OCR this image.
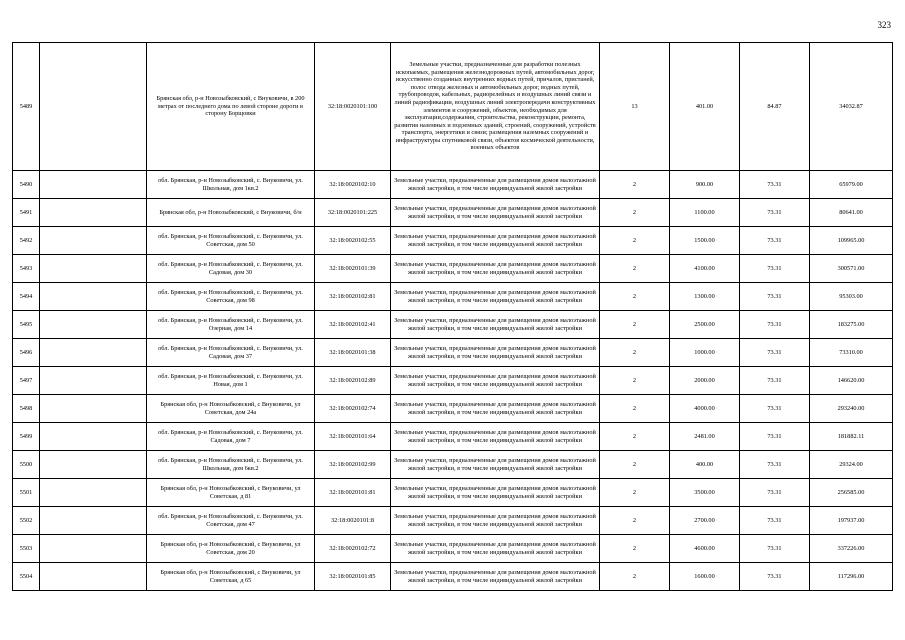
323
5489		Брянская обл, р-н Новозыбковский, с Внуковичи, в 200 метрах от последнего дома по левой стороне дороги в сторону Борщовки	32:18:0020101:100	Земельные участки, предназначенные для разработки полезных ископаемых, размещения железнодорожных путей, автомобильных дорог, искусственно созданных внутренних водных путей, причалов, пристаней, полос отвода железных и автомобильных дорог, водных путей, трубопроводов, кабельных, радиорелейных и воздушных линий связи и линий радиофикации, воздушных линий электропередачи конструктивных элементов и сооружений, объектов, необходимых для эксплуатации,содержания, строительства, реконструкции, ремонта, развития наземных и подземных зданий, строений, сооружений, устройств транспорта, энергетики и связи; размещения наземных сооружений и инфраструктуры спутниковой связи, объектов космической деятельности, военных объектов	13	401.00	84.87	34032.87
5490		обл. Брянская, р-н Новозыбковский, с. Внуковичи, ул. Школьная, дом 1кв.2	32:18:0020102:10	Земельные участки, предназначенные для размещения домов малоэтажной жилой застройки, в том числе индивидуальной жилой застройки	2	900.00	73.31	65979.00
5491		Брянская обл, р-н Новозыбковский, с Внуковичи, б/н	32:18:0020101:225	Земельные участки, предназначенные для размещения домов малоэтажной жилой застройки, в том числе индивидуальной жилой застройки	2	1100.00	73.31	80641.00
5492		обл. Брянская, р-н Новозыбковский, с. Внуковичи, ул. Советская, дом 50	32:18:0020102:55	Земельные участки, предназначенные для размещения домов малоэтажной жилой застройки, в том числе индивидуальной жилой застройки	2	1500.00	73.31	109965.00
5493		обл. Брянская, р-н Новозыбковский, с. Внуковичи, ул. Садовая, дом 30	32:18:0020101:39	Земельные участки, предназначенные для размещения домов малоэтажной жилой застройки, в том числе индивидуальной жилой застройки	2	4100.00	73.31	300571.00
5494		обл. Брянская, р-н Новозыбковский, с. Внуковичи, ул. Советская, дом 98	32:18:0020102:81	Земельные участки, предназначенные для размещения домов малоэтажной жилой застройки, в том числе индивидуальной жилой застройки	2	1300.00	73.31	95303.00
5495		обл. Брянская, р-н Новозыбковский, с. Внуковичи, ул. Озерная, дом 14	32:18:0020102:41	Земельные участки, предназначенные для размещения домов малоэтажной жилой застройки, в том числе индивидуальной жилой застройки	2	2500.00	73.31	183275.00
5496		обл. Брянская, р-н Новозыбковский, с. Внуковичи, ул. Садовая, дом 37	32:18:0020101:38	Земельные участки, предназначенные для размещения домов малоэтажной жилой застройки, в том числе индивидуальной жилой застройки	2	1000.00	73.31	73310.00
5497		обл. Брянская, р-н Новозыбковский, с. Внуковичи, ул. Новая, дом 1	32:18:0020102:89	Земельные участки, предназначенные для размещения домов малоэтажной жилой застройки, в том числе индивидуальной жилой застройки	2	2000.00	73.31	146620.00
5498		Брянская обл, р-н Новозыбковский, с Внуковичи, ул Советская, дом 24а	32:18:0020102:74	Земельные участки, предназначенные для размещения домов малоэтажной жилой застройки, в том числе индивидуальной жилой застройки	2	4000.00	73.31	293240.00
5499		обл. Брянская, р-н Новозыбковский, с. Внуковичи, ул. Садовая, дом 7	32:18:0020101:64	Земельные участки, предназначенные для размещения домов малоэтажной жилой застройки, в том числе индивидуальной жилой застройки	2	2481.00	73.31	181882.11
5500		обл. Брянская, р-н Новозыбковский, с. Внуковичи, ул. Школьная, дом 6кв.2	32:18:0020102:99	Земельные участки, предназначенные для размещения домов малоэтажной жилой застройки, в том числе индивидуальной жилой застройки	2	400.00	73.31	29324.00
5501		Брянская обл, р-н Новозыбковский, с Внуковичи, ул Советская, д 81	32:18:0020101:81	Земельные участки, предназначенные для размещения домов малоэтажной жилой застройки, в том числе индивидуальной жилой застройки	2	3500.00	73.31	256585.00
5502		обл. Брянская, р-н Новозыбковский, с. Внуковичи, ул. Советская, дом 47	32:18:0020101:8	Земельные участки, предназначенные для размещения домов малоэтажной жилой застройки, в том числе индивидуальной жилой застройки	2	2700.00	73.31	197937.00
5503		Брянская обл, р-н Новозыбковский, с Внуковичи, ул Советская, дом 20	32:18:0020102:72	Земельные участки, предназначенные для размещения домов малоэтажной жилой застройки, в том числе индивидуальной жилой застройки	2	4600.00	73.31	337226.00
5504		Брянская обл, р-н Новозыбковский, с Внуковичи, ул Советская, д 65	32:18:0020101:85	Земельные участки, предназначенные для размещения домов малоэтажной жилой застройки, в том числе индивидуальной жилой застройки	2	1600.00	73.31	117296.00
